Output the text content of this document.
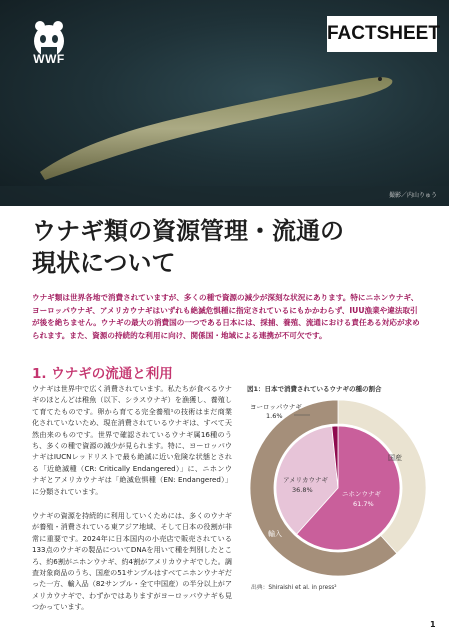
WWF
FACTSHEET
撮影／内山りゅう
ウナギ類の資源管理・流通の
現状について
ウナギ類は世界各地で消費されていますが、多くの種で資源の減少が深刻な状況にあります。特にニホンウナギ、ヨーロッパウナギ、アメリカウナギはいずれも絶滅危惧種に指定されているにもかかわらず、IUU漁業や違法取引が後を絶ちません。ウナギの最大の消費国の一つである日本には、採捕、養殖、流通における責任ある対応が求められます。また、資源の持続的な利用に向け、関係国・地域による連携が不可欠です。
1. ウナギの流通と利用
ウナギは世界中で広く消費されています。私たちが食べるウナギのほとんどは稚魚（以下、シラスウナギ）を漁獲し、養殖して育てたものです。卵から育てる完全養殖¹の技術はまだ商業化されていないため、現在消費されているウナギは、すべて天然由来のものです。世界で確認されているウナギ属16種のうち、多くの種で資源の減少が見られます。特に、ヨーロッパウナギはIUCNレッドリストで最も絶滅に近い危険な状態とされる「近絶滅種（CR: Critically Endangered）」に、ニホンウナギとアメリカウナギは「絶滅危惧種（EN: Endangered）」に分類されています。
ウナギの資源を持続的に利用していくためには、多くのウナギが養殖・消費されている東アジア地域、そして日本の役割が非常に重要です。2024年に日本国内の小売店で販売されている133点のウナギの製品についてDNAを用いて種を判別したところ、約6割がニホンウナギ、約4割がアメリカウナギでした。調査対象商品のうち、国産の51サンプルはすべてニホンウナギだった一方、輸入品（82サンプル・全て中国産）の半分以上がアメリカウナギで、わずかではありますがヨーロッパウナギも見つかっています。
図1：日本で消費されているウナギの種の割合
ヨーロッパウナギ
1.6%
アメリカウナギ
36.8%	ニホンウナギ
61.7%
国産
輸入
出典：Shiraishi et al. in press²
1
